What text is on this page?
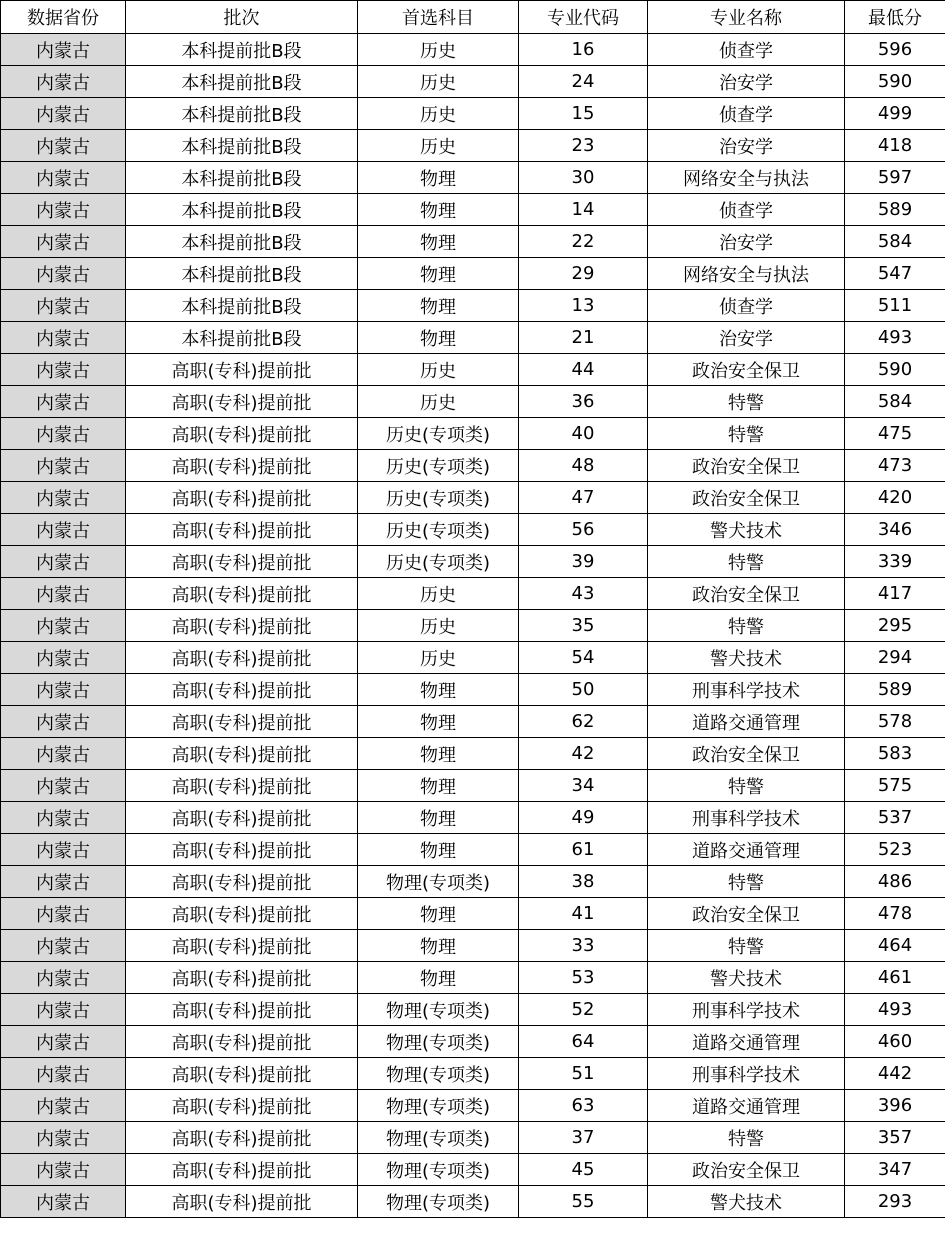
数据省份	批次	首选科目	专业代码	专业名称	最低分
内蒙古	本科提前批B段	历史	16	侦查学	596
内蒙古	本科提前批B段	历史	24	治安学	590
内蒙古	本科提前批B段	历史	15	侦查学	499
内蒙古	本科提前批B段	历史	23	治安学	418
内蒙古	本科提前批B段	物理	30	网络安全与执法	597
内蒙古	本科提前批B段	物理	14	侦查学	589
内蒙古	本科提前批B段	物理	22	治安学	584
内蒙古	本科提前批B段	物理	29	网络安全与执法	547
内蒙古	本科提前批B段	物理	13	侦查学	511
内蒙古	本科提前批B段	物理	21	治安学	493
内蒙古	高职(专科)提前批	历史	44	政治安全保卫	590
内蒙古	高职(专科)提前批	历史	36	特警	584
内蒙古	高职(专科)提前批	历史(专项类)	40	特警	475
内蒙古	高职(专科)提前批	历史(专项类)	48	政治安全保卫	473
内蒙古	高职(专科)提前批	历史(专项类)	47	政治安全保卫	420
内蒙古	高职(专科)提前批	历史(专项类)	56	警犬技术	346
内蒙古	高职(专科)提前批	历史(专项类)	39	特警	339
内蒙古	高职(专科)提前批	历史	43	政治安全保卫	417
内蒙古	高职(专科)提前批	历史	35	特警	295
内蒙古	高职(专科)提前批	历史	54	警犬技术	294
内蒙古	高职(专科)提前批	物理	50	刑事科学技术	589
内蒙古	高职(专科)提前批	物理	62	道路交通管理	578
内蒙古	高职(专科)提前批	物理	42	政治安全保卫	583
内蒙古	高职(专科)提前批	物理	34	特警	575
内蒙古	高职(专科)提前批	物理	49	刑事科学技术	537
内蒙古	高职(专科)提前批	物理	61	道路交通管理	523
内蒙古	高职(专科)提前批	物理(专项类)	38	特警	486
内蒙古	高职(专科)提前批	物理	41	政治安全保卫	478
内蒙古	高职(专科)提前批	物理	33	特警	464
内蒙古	高职(专科)提前批	物理	53	警犬技术	461
内蒙古	高职(专科)提前批	物理(专项类)	52	刑事科学技术	493
内蒙古	高职(专科)提前批	物理(专项类)	64	道路交通管理	460
内蒙古	高职(专科)提前批	物理(专项类)	51	刑事科学技术	442
内蒙古	高职(专科)提前批	物理(专项类)	63	道路交通管理	396
内蒙古	高职(专科)提前批	物理(专项类)	37	特警	357
内蒙古	高职(专科)提前批	物理(专项类)	45	政治安全保卫	347
内蒙古	高职(专科)提前批	物理(专项类)	55	警犬技术	293
